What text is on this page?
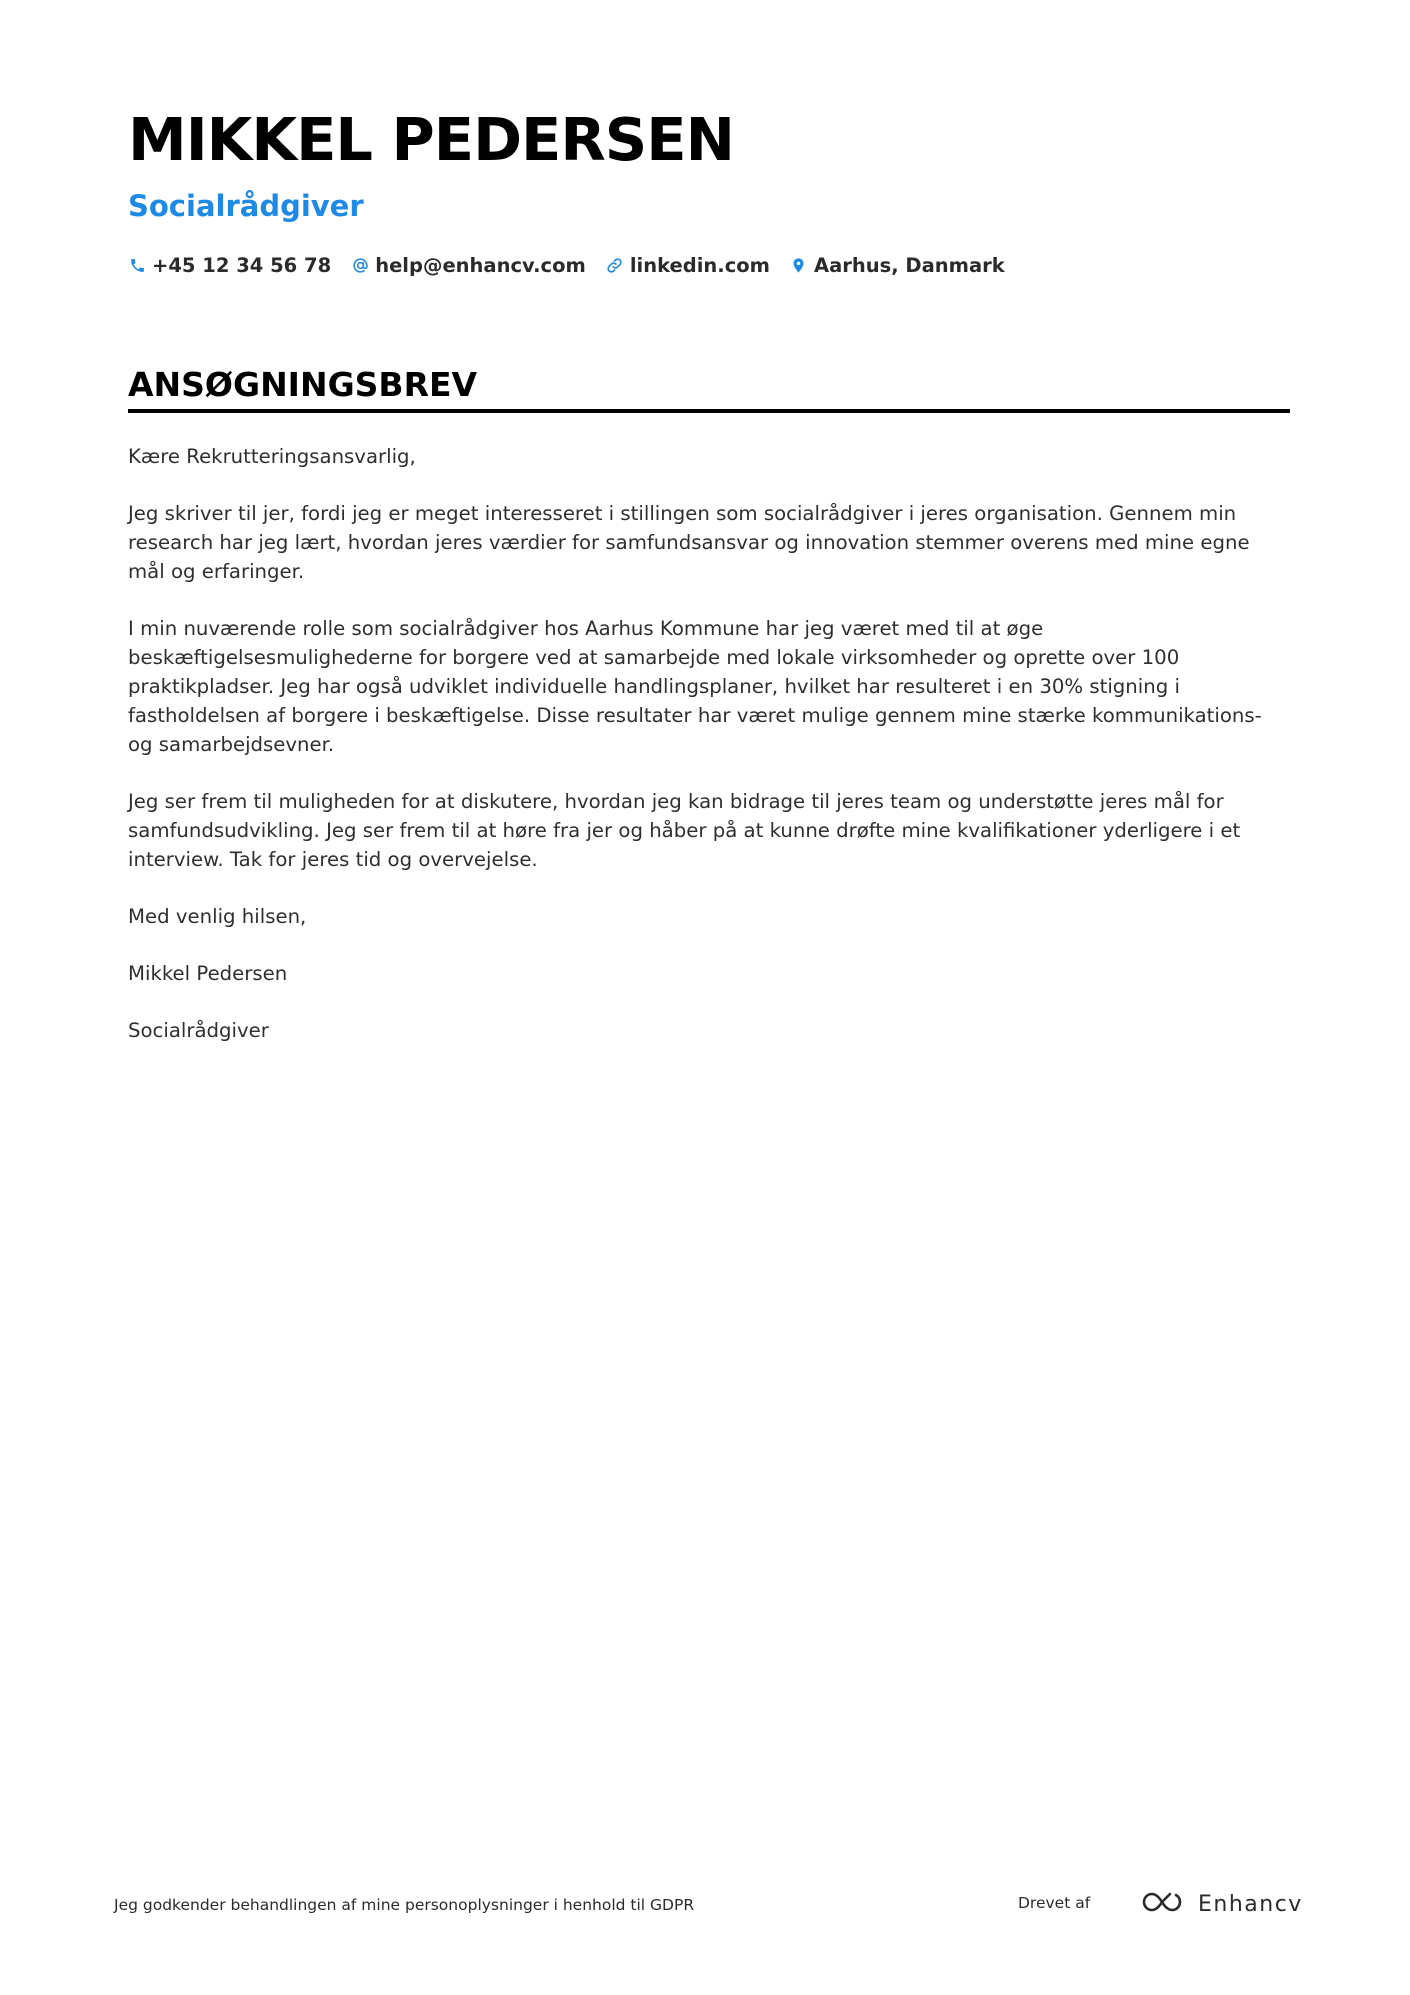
MIKKEL PEDERSEN
Socialrådgiver
+45 12 34 56 78 help@enhancv.com linkedin.com Aarhus, Danmark
ANSØGNINGSBREV

Kære Rekrutteringsansvarlig,

Jeg skriver til jer, fordi jeg er meget interesseret i stillingen som socialrådgiver i jeres organisation. Gennem min research har jeg lært, hvordan jeres værdier for samfundsansvar og innovation stemmer overens med mine egne mål og erfaringer.

I min nuværende rolle som socialrådgiver hos Aarhus Kommune har jeg været med til at øge beskæftigelsesmulighederne for borgere ved at samarbejde med lokale virksomheder og oprette over 100 praktikpladser. Jeg har også udviklet individuelle handlingsplaner, hvilket har resulteret i en 30% stigning i fastholdelsen af borgere i beskæftigelse. Disse resultater har været mulige gennem mine stærke kommunikations- og samarbejdsevner.

Jeg ser frem til muligheden for at diskutere, hvordan jeg kan bidrage til jeres team og understøtte jeres mål for samfundsudvikling. Jeg ser frem til at høre fra jer og håber på at kunne drøfte mine kvalifikationer yderligere i et interview. Tak for jeres tid og overvejelse.

Med venlig hilsen,

Mikkel Pedersen

Socialrådgiver

Jeg godkender behandlingen af mine personoplysninger i henhold til GDPR	Drevet af	Enhancv
